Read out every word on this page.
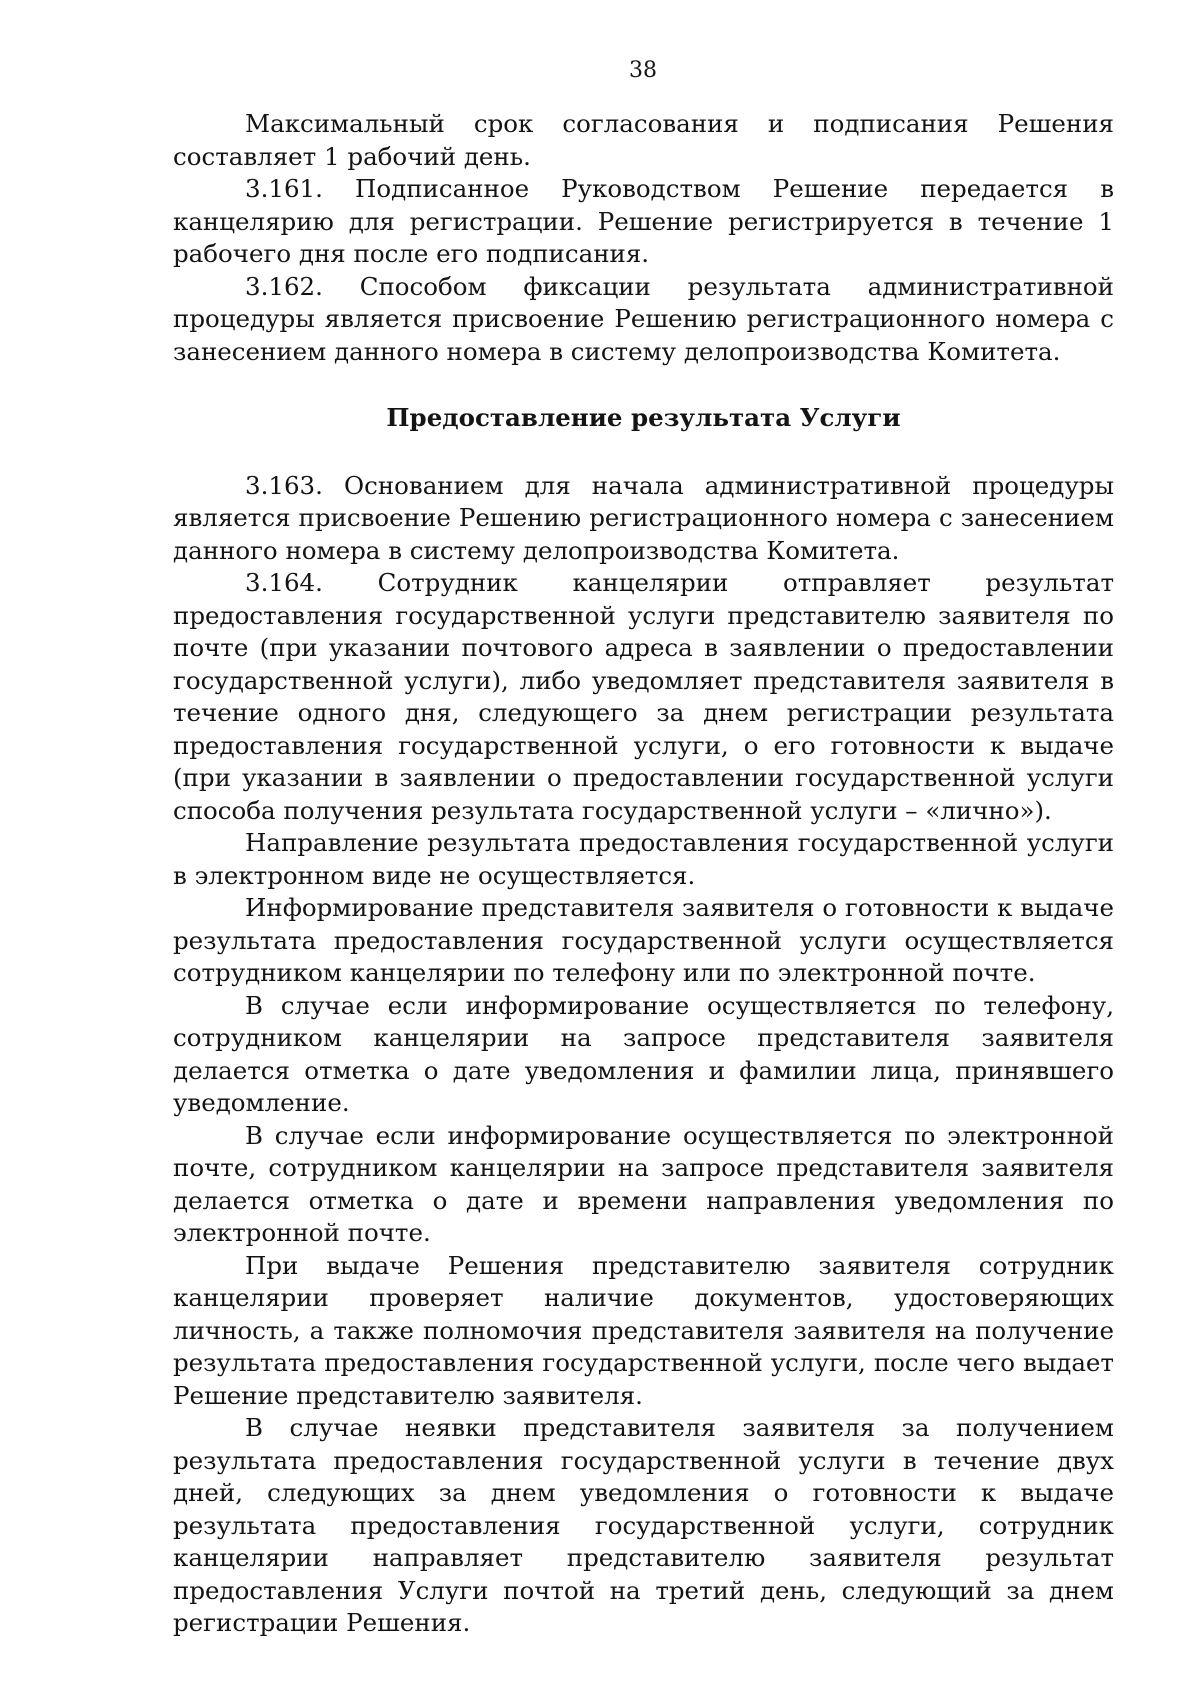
38

Максимальный срок согласования и подписания Решения составляет 1 рабочий день.

3.161. Подписанное Руководством Решение передается в канцелярию для регистрации. Решение регистрируется в течение 1 рабочего дня после его подписания.

3.162. Способом фиксации результата административной процедуры является присвоение Решению регистрационного номера с занесением данного номера в систему делопроизводства Комитета.

Предоставление результата Услуги

3.163. Основанием для начала административной процедуры является присвоение Решению регистрационного номера с занесением данного номера в систему делопроизводства Комитета.

3.164. Сотрудник канцелярии отправляет результат предоставления государственной услуги представителю заявителя по почте (при указании почтового адреса в заявлении о предоставлении государственной услуги), либо уведомляет представителя заявителя в течение одного дня, следующего за днем регистрации результата предоставления государственной услуги, о его готовности к выдаче (при указании в заявлении о предоставлении государственной услуги способа получения результата государственной услуги – «лично»).

Направление результата предоставления государственной услуги в электронном виде не осуществляется.

Информирование представителя заявителя о готовности к выдаче результата предоставления государственной услуги осуществляется сотрудником канцелярии по телефону или по электронной почте.

В случае если информирование осуществляется по телефону, сотрудником канцелярии на запросе представителя заявителя делается отметка о дате уведомления и фамилии лица, принявшего уведомление.

В случае если информирование осуществляется по электронной почте, сотрудником канцелярии на запросе представителя заявителя делается отметка о дате и времени направления уведомления по электронной почте.

При выдаче Решения представителю заявителя сотрудник канцелярии проверяет наличие документов, удостоверяющих личность, а также полномочия представителя заявителя на получение результата предоставления государственной услуги, после чего выдает Решение представителю заявителя.

В случае неявки представителя заявителя за получением результата предоставления государственной услуги в течение двух дней, следующих за днем уведомления о готовности к выдаче результата предоставления государственной услуги, сотрудник канцелярии направляет представителю заявителя результат предоставления Услуги почтой на третий день, следующий за днем регистрации Решения.
